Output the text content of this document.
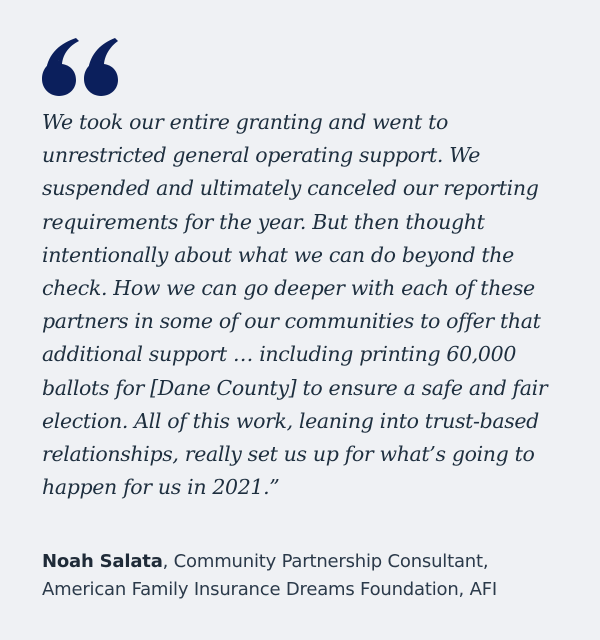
We took our entire granting and went to
unrestricted general operating support. We
suspended and ultimately canceled our reporting
requirements for the year. But then thought
intentionally about what we can do beyond the
check. How we can go deeper with each of these
partners in some of our communities to offer that
additional support … including printing 60,000
ballots for [Dane County] to ensure a safe and fair
election. All of this work, leaning into trust-based
relationships, really set us up for what’s going to
happen for us in 2021.”

Noah Salata, Community Partnership Consultant,
American Family Insurance Dreams Foundation, AFI
